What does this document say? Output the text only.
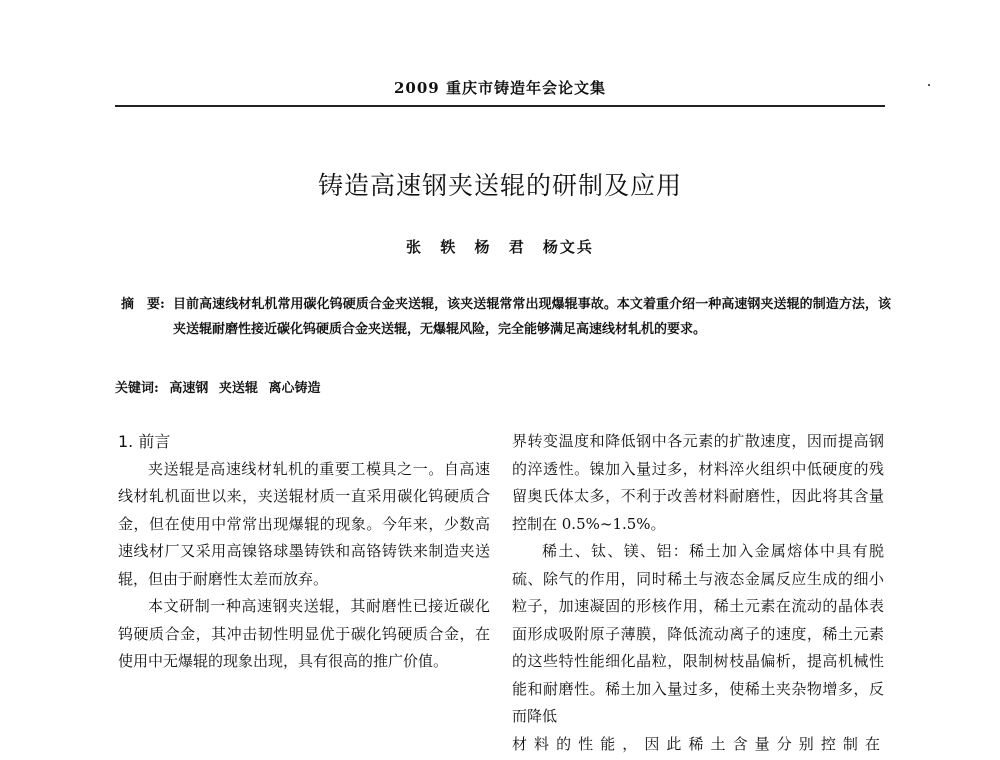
2009 重庆市铸造年会论文集
铸造高速钢夹送辊的研制及应用
张 轶 杨 君 杨文兵
摘　要: 目前高速线材轧机常用碳化钨硬质合金夹送辊，该夹送辊常常出现爆辊事故。本文着重介绍一种高速钢夹送辊的制造方法，该夹送辊耐磨性接近碳化钨硬质合金夹送辊，无爆辊风险，完全能够满足高速线材轧机的要求。
关键词: 高速钢 夹送辊 离心铸造
1. 前言

夹送辊是高速线材轧机的重要工模具之一。自高速线材轧机面世以来，夹送辊材质一直采用碳化钨硬质合金，但在使用中常常出现爆辊的现象。今年来，少数高速线材厂又采用高镍铬球墨铸铁和高铬铸铁来制造夹送辊，但由于耐磨性太差而放弃。

本文研制一种高速钢夹送辊，其耐磨性已接近碳化钨硬质合金，其冲击韧性明显优于碳化钨硬质合金，在使用中无爆辊的现象出现，具有很高的推广价值。

界转变温度和降低钢中各元素的扩散速度，因而提高钢的淬透性。镍加入量过多，材料淬火组织中低硬度的残留奥氏体太多，不利于改善材料耐磨性，因此将其含量控制在 0.5%~1.5%。

稀土、钛、镁、铝：稀土加入金属熔体中具有脱硫、除气的作用，同时稀土与液态金属反应生成的细小粒子，加速凝固的形核作用，稀土元素在流动的晶体表面形成吸附原子薄膜，降低流动离子的速度，稀土元素的这些特性能细化晶粒，限制树枝晶偏析，提高机械性能和耐磨性。稀土加入量过多，使稀土夹杂物增多，反而降低

材料的性能，因此稀土含量分别控制在
